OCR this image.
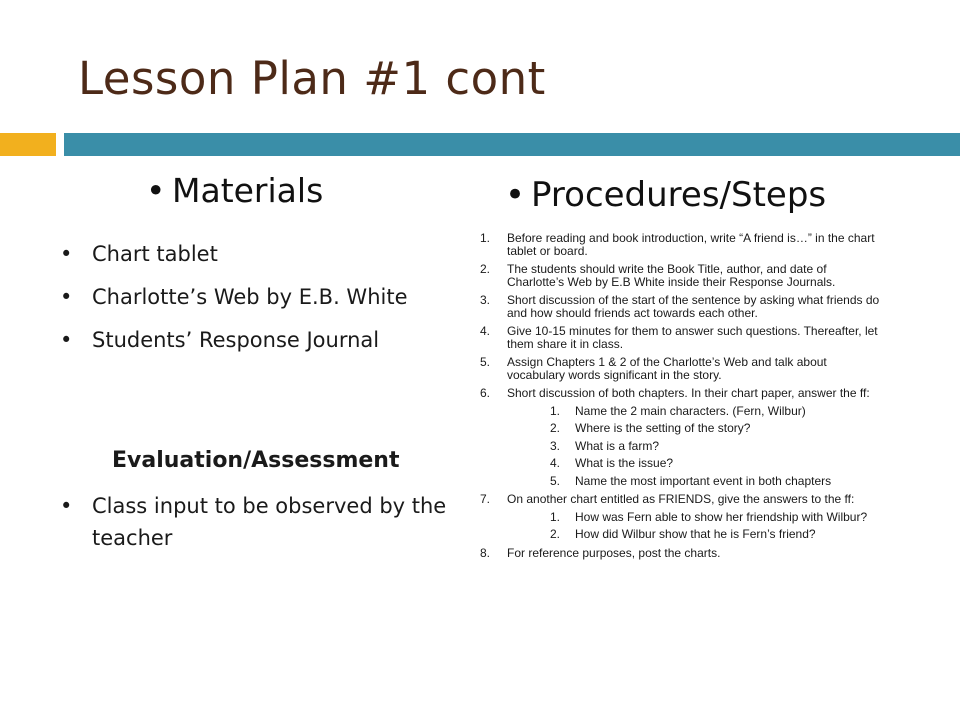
Lesson Plan #1 cont
• Materials
• Chart tablet
• Charlotte’s Web by E.B. White
• Students’ Response Journal
Evaluation/Assessment
• Class input to be observed by the teacher
• Procedures/Steps
1. Before reading and book introduction, write “A friend is…” in the chart tablet or board.
2. The students should write the Book Title, author, and date of Charlotte’s Web by E.B White inside their Response Journals.
3. Short discussion of the start of the sentence by asking what friends do and how should friends act towards each other.
4. Give 10-15 minutes for them to answer such questions. Thereafter, let them share it in class.
5. Assign Chapters 1 & 2 of the Charlotte’s Web and talk about vocabulary words significant in the story.
6. Short discussion of both chapters. In their chart paper, answer the ff:
1. Name the 2 main characters. (Fern, Wilbur)
2. Where is the setting of the story?
3. What is a farm?
4. What is the issue?
5. Name the most important event in both chapters
7. On another chart entitled as FRIENDS, give the answers to the ff:
1. How was Fern able to show her friendship with Wilbur?
2. How did Wilbur show that he is Fern’s friend?
8. For reference purposes, post the charts.
